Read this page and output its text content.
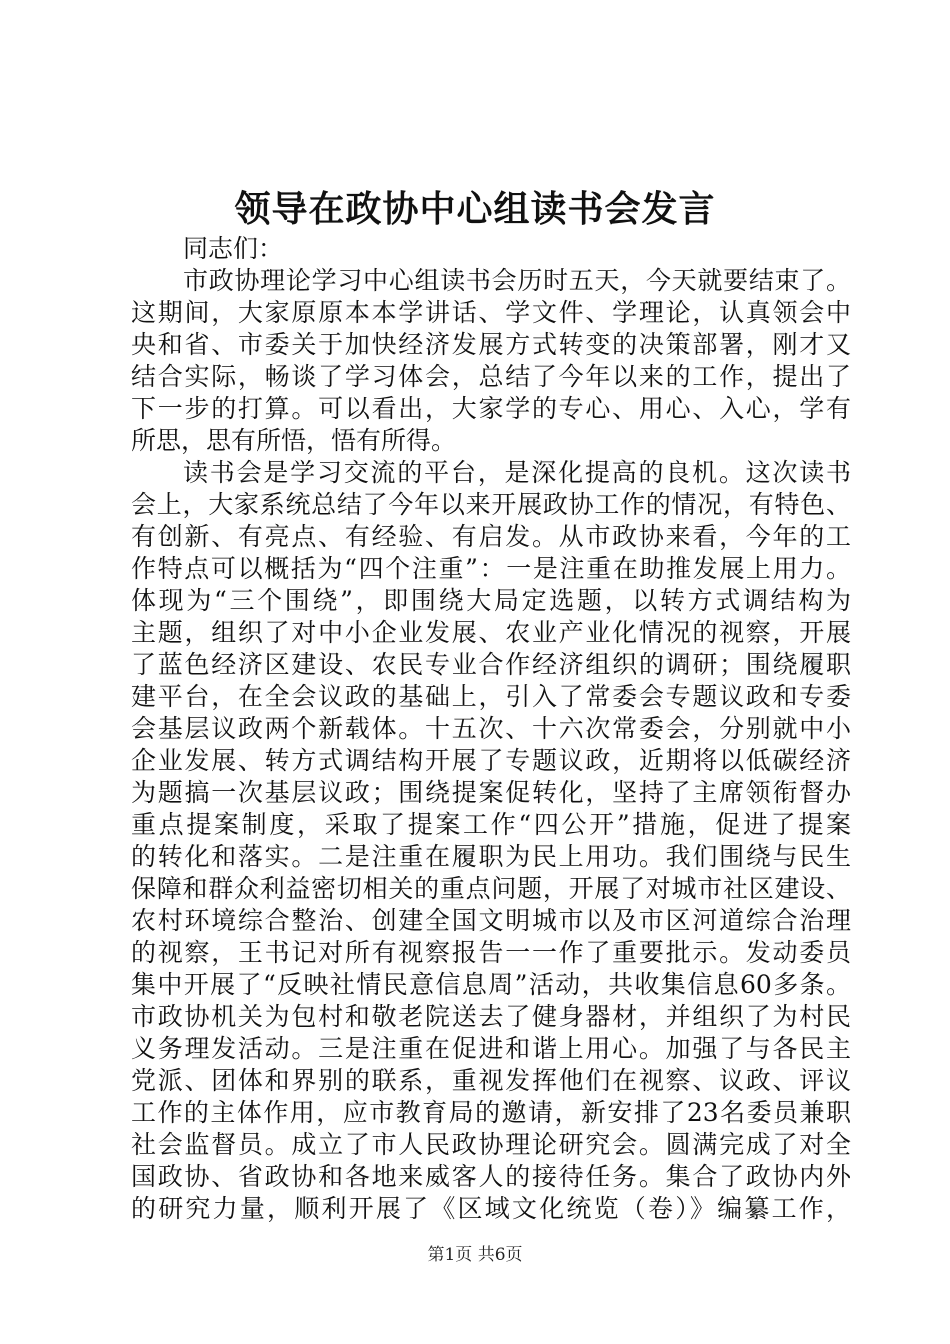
领导在政协中心组读书会发言
同志们：
市政协理论学习中心组读书会历时五天，今天就要结束了。
这期间，大家原原本本学讲话、学文件、学理论，认真领会中
央和省、市委关于加快经济发展方式转变的决策部署，刚才又
结合实际，畅谈了学习体会，总结了今年以来的工作，提出了
下一步的打算。可以看出，大家学的专心、用心、入心，学有
所思，思有所悟，悟有所得。
读书会是学习交流的平台，是深化提高的良机。这次读书
会上，大家系统总结了今年以来开展政协工作的情况，有特色、
有创新、有亮点、有经验、有启发。从市政协来看，今年的工
作特点可以概括为“四个注重”：一是注重在助推发展上用力。
体现为“三个围绕”，即围绕大局定选题，以转方式调结构为
主题，组织了对中小企业发展、农业产业化情况的视察，开展
了蓝色经济区建设、农民专业合作经济组织的调研；围绕履职
建平台，在全会议政的基础上，引入了常委会专题议政和专委
会基层议政两个新载体。十五次、十六次常委会，分别就中小
企业发展、转方式调结构开展了专题议政，近期将以低碳经济
为题搞一次基层议政；围绕提案促转化，坚持了主席领衔督办
重点提案制度，采取了提案工作“四公开”措施，促进了提案
的转化和落实。二是注重在履职为民上用功。我们围绕与民生
保障和群众利益密切相关的重点问题，开展了对城市社区建设、
农村环境综合整治、创建全国文明城市以及市区河道综合治理
的视察，王书记对所有视察报告一一作了重要批示。发动委员
集中开展了“反映社情民意信息周”活动，共收集信息60多条。
市政协机关为包村和敬老院送去了健身器材，并组织了为村民
义务理发活动。三是注重在促进和谐上用心。加强了与各民主
党派、团体和界别的联系，重视发挥他们在视察、议政、评议
工作的主体作用，应市教育局的邀请，新安排了23名委员兼职
社会监督员。成立了市人民政协理论研究会。圆满完成了对全
国政协、省政协和各地来威客人的接待任务。集合了政协内外
的研究力量，顺利开展了《区域文化统览（卷）》编纂工作，
第1页 共6页
